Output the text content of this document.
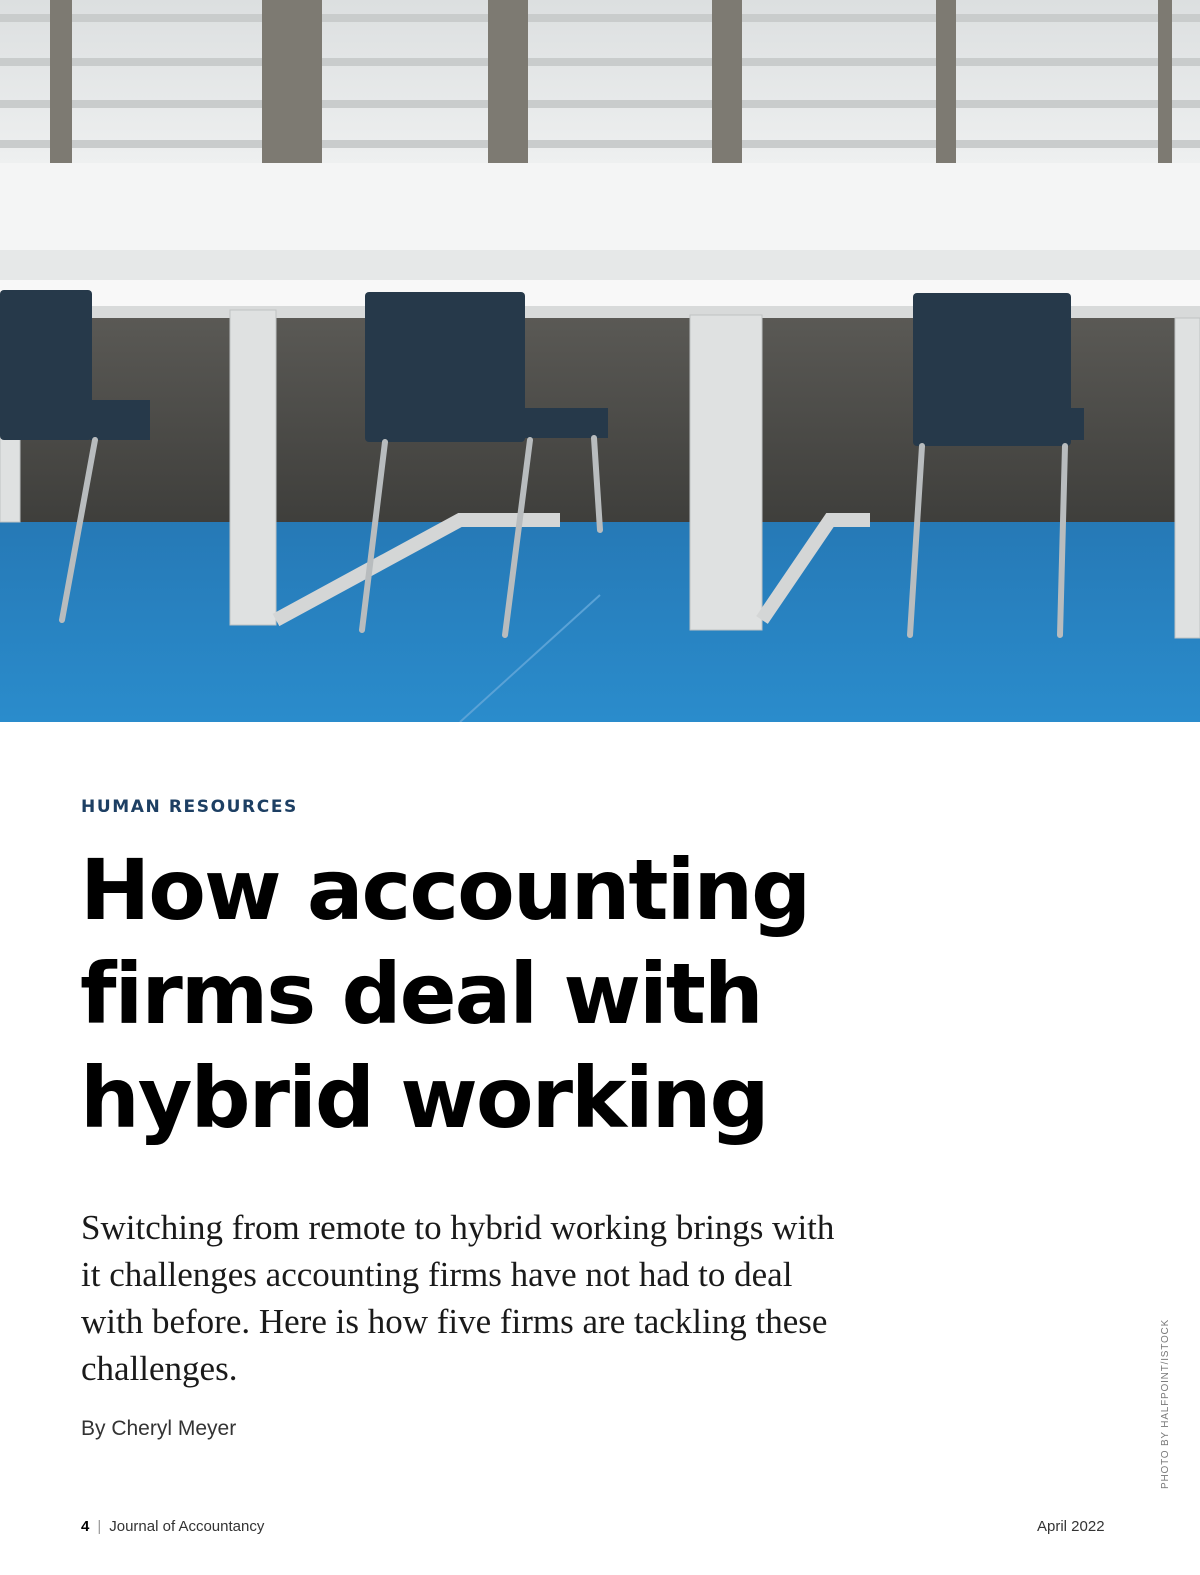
HUMAN RESOURCES
How accounting firms deal with hybrid working

Switching from remote to hybrid working brings with it challenges accounting firms have not had to deal with before. Here is how five firms are tackling these challenges.

By Cheryl Meyer	PHOTO BY HALFPOINT/ISTOCK
4 | Journal of Accountancy	April 2022
